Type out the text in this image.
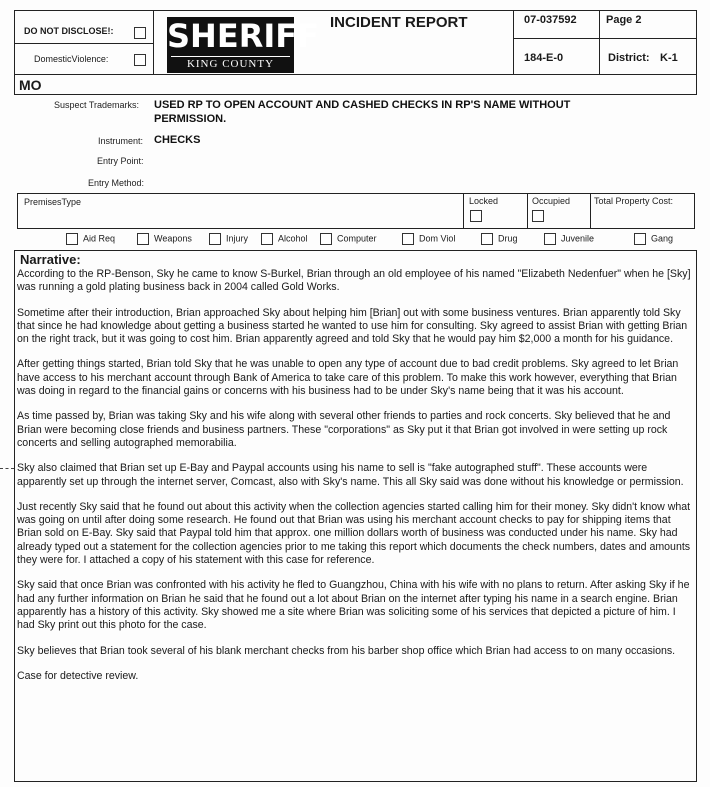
DO NOT DISCLOSE!:
DomesticViolence:
SHERIFF
KING COUNTY
INCIDENT REPORT	07-037592	Page 2
184-E-0	District: K-1
MO
Suspect Trademarks: USED RP TO OPEN ACCOUNT AND CASHED CHECKS IN RP'S NAME WITHOUT PERMISSION.
Instrument: CHECKS
Entry Point:
Entry Method:
PremisesType	Locked	Occupied	Total Property Cost:
Aid Req	Weapons	Injury	Alcohol	Computer	Dom Viol	Drug	Juvenile	Gang
Narrative:

According to the RP-Benson, Sky he came to know S-Burkel, Brian through an old employee of his named "Elizabeth Nedenfuer" when he [Sky] was running a gold plating business back in 2004 called Gold Works.

Sometime after their introduction, Brian approached Sky about helping him [Brian] out with some business ventures. Brian apparently told Sky that since he had knowledge about getting a business started he wanted to use him for consulting. Sky agreed to assist Brian with getting Brian on the right track, but it was going to cost him. Brian apparently agreed and told Sky that he would pay him $2,000 a month for his guidance.

After getting things started, Brian told Sky that he was unable to open any type of account due to bad credit problems. Sky agreed to let Brian have access to his merchant account through Bank of America to take care of this problem. To make this work however, everything that Brian was doing in regard to the financial gains or concerns with his business had to be under Sky's name being that it was his account.

As time passed by, Brian was taking Sky and his wife along with several other friends to parties and rock concerts. Sky believed that he and Brian were becoming close friends and business partners. These "corporations" as Sky put it that Brian got involved in were setting up rock concerts and selling autographed memorabilia.

Sky also claimed that Brian set up E-Bay and Paypal accounts using his name to sell is "fake autographed stuff". These accounts were apparently set up through the internet server, Comcast, also with Sky's name. This all Sky said was done without his knowledge or permission.

Just recently Sky said that he found out about this activity when the collection agencies started calling him for their money. Sky didn't know what was going on until after doing some research. He found out that Brian was using his merchant account checks to pay for shipping items that Brian sold on E-Bay. Sky said that Paypal told him that approx. one million dollars worth of business was conducted under his name. Sky had already typed out a statement for the collection agencies prior to me taking this report which documents the check numbers, dates and amounts they were for. I attached a copy of his statement with this case for reference.

Sky said that once Brian was confronted with his activity he fled to Guangzhou, China with his wife with no plans to return. After asking Sky if he had any further information on Brian he said that he found out a lot about Brian on the internet after typing his name in a search engine. Brian apparently has a history of this activity. Sky showed me a site where Brian was soliciting some of his services that depicted a picture of him. I had Sky print out this photo for the case.

Sky believes that Brian took several of his blank merchant checks from his barber shop office which Brian had access to on many occasions.

Case for detective review.
